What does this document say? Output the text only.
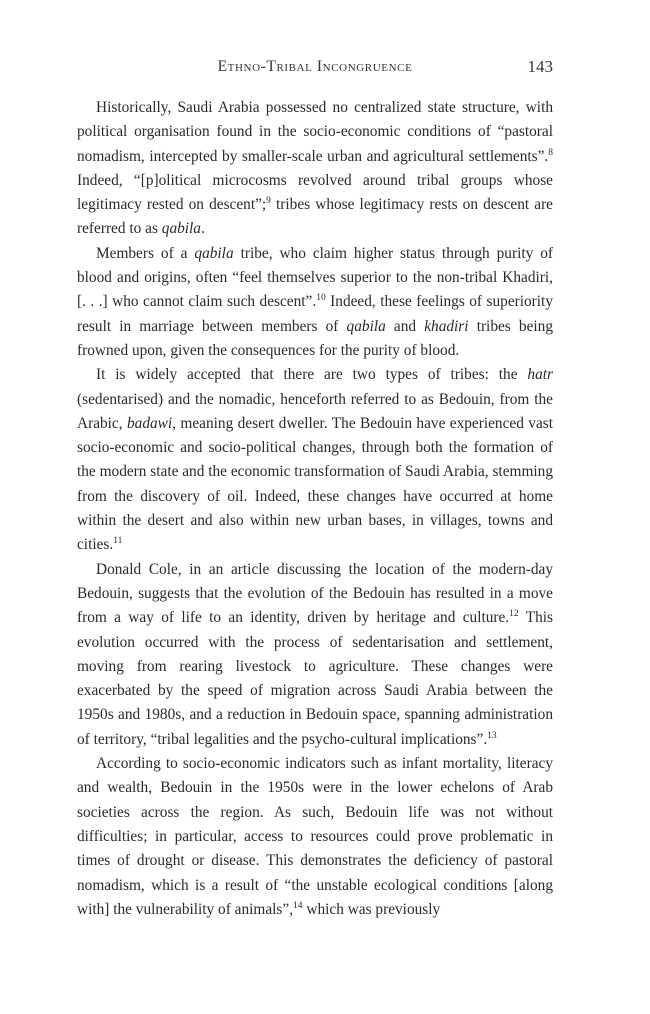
Ethno-Tribal Incongruence	143

Historically, Saudi Arabia possessed no centralized state structure, with political organisation found in the socio-economic conditions of “pastoral nomadism, intercepted by smaller-scale urban and agricultural settlements”.$^8$ Indeed, “[p]olitical microcosms revolved around tribal groups whose legitimacy rested on descent”;$^9$ tribes whose legitimacy rests on descent are referred to as qabila.

Members of a qabila tribe, who claim higher status through purity of blood and origins, often “feel themselves superior to the non-tribal Khadiri, [. . .] who cannot claim such descent”.$^{10}$ Indeed, these feelings of superiority result in marriage between members of qabila and khadiri tribes being frowned upon, given the consequences for the purity of blood.

It is widely accepted that there are two types of tribes: the hatr (sedentarised) and the nomadic, henceforth referred to as Bedouin, from the Arabic, badawi, meaning desert dweller. The Bedouin have experienced vast socio-economic and socio-political changes, through both the formation of the modern state and the economic transformation of Saudi Arabia, stemming from the discovery of oil. Indeed, these changes have occurred at home within the desert and also within new urban bases, in villages, towns and cities.$^{11}$

Donald Cole, in an article discussing the location of the modern-day Bedouin, suggests that the evolution of the Bedouin has resulted in a move from a way of life to an identity, driven by heritage and culture.$^{12}$ This evolution occurred with the process of sedentarisation and settlement, moving from rearing livestock to agriculture. These changes were exacerbated by the speed of migration across Saudi Arabia between the 1950s and 1980s, and a reduction in Bedouin space, spanning administration of territory, “tribal legalities and the psycho-cultural implications”.$^{13}$

According to socio-economic indicators such as infant mortality, literacy and wealth, Bedouin in the 1950s were in the lower echelons of Arab societies across the region. As such, Bedouin life was not without difficulties; in particular, access to resources could prove problematic in times of drought or disease. This demonstrates the deficiency of pastoral nomadism, which is a result of “the unstable ecological conditions [along with] the vulnerability of animals”,$^{14}$ which was previously
